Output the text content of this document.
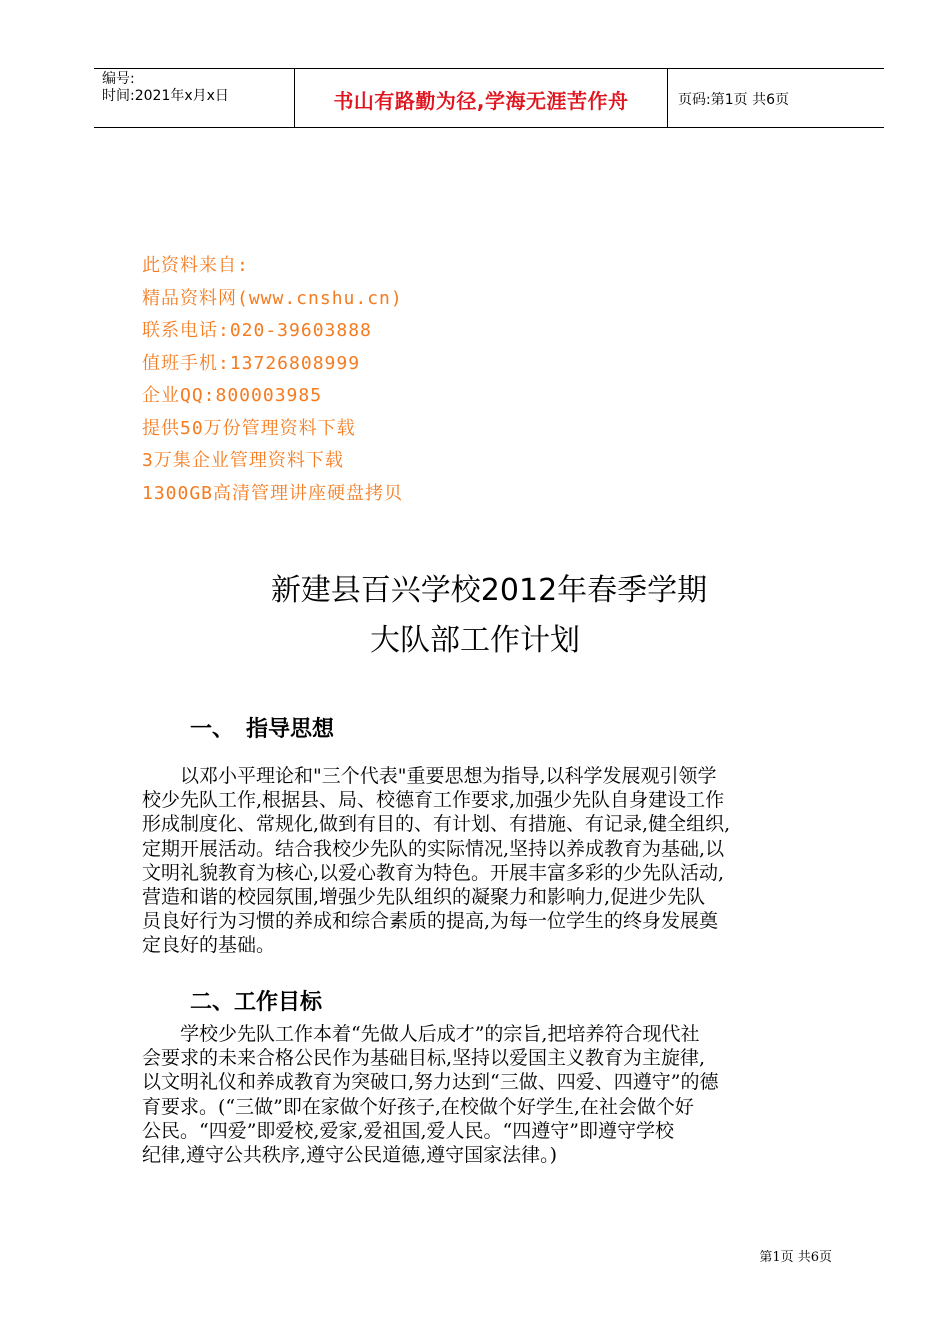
编号:
时间:2021年x月x日	书山有路勤为径,学海无涯苦作舟	页码:第1页 共6页
此资料来自:
精品资料网(www.cnshu.cn)
联系电话:020-39603888
值班手机:13726808999
企业QQ:800003985
提供50万份管理资料下载
3万集企业管理资料下载
1300GB高清管理讲座硬盘拷贝
新建县百兴学校2012年春季学期
大队部工作计划
一、 指导思想
　　以邓小平理论和"三个代表"重要思想为指导,以科学发展观引领学
校少先队工作,根据县、局、校德育工作要求,加强少先队自身建设工作
形成制度化、常规化,做到有目的、有计划、有措施、有记录,健全组织,
定期开展活动。结合我校少先队的实际情况,坚持以养成教育为基础,以
文明礼貌教育为核心,以爱心教育为特色。开展丰富多彩的少先队活动,
营造和谐的校园氛围,增强少先队组织的凝聚力和影响力,促进少先队
员良好行为习惯的养成和综合素质的提高,为每一位学生的终身发展奠
定良好的基础。
二、工作目标
　　学校少先队工作本着“先做人后成才”的宗旨,把培养符合现代社
会要求的未来合格公民作为基础目标,坚持以爱国主义教育为主旋律,
以文明礼仪和养成教育为突破口,努力达到“三做、四爱、四遵守”的德
育要求。(“三做”即在家做个好孩子,在校做个好学生,在社会做个好
公民。“四爱”即爱校,爱家,爱祖国,爱人民。“四遵守”即遵守学校
纪律,遵守公共秩序,遵守公民道德,遵守国家法律。)
第1页 共6页
